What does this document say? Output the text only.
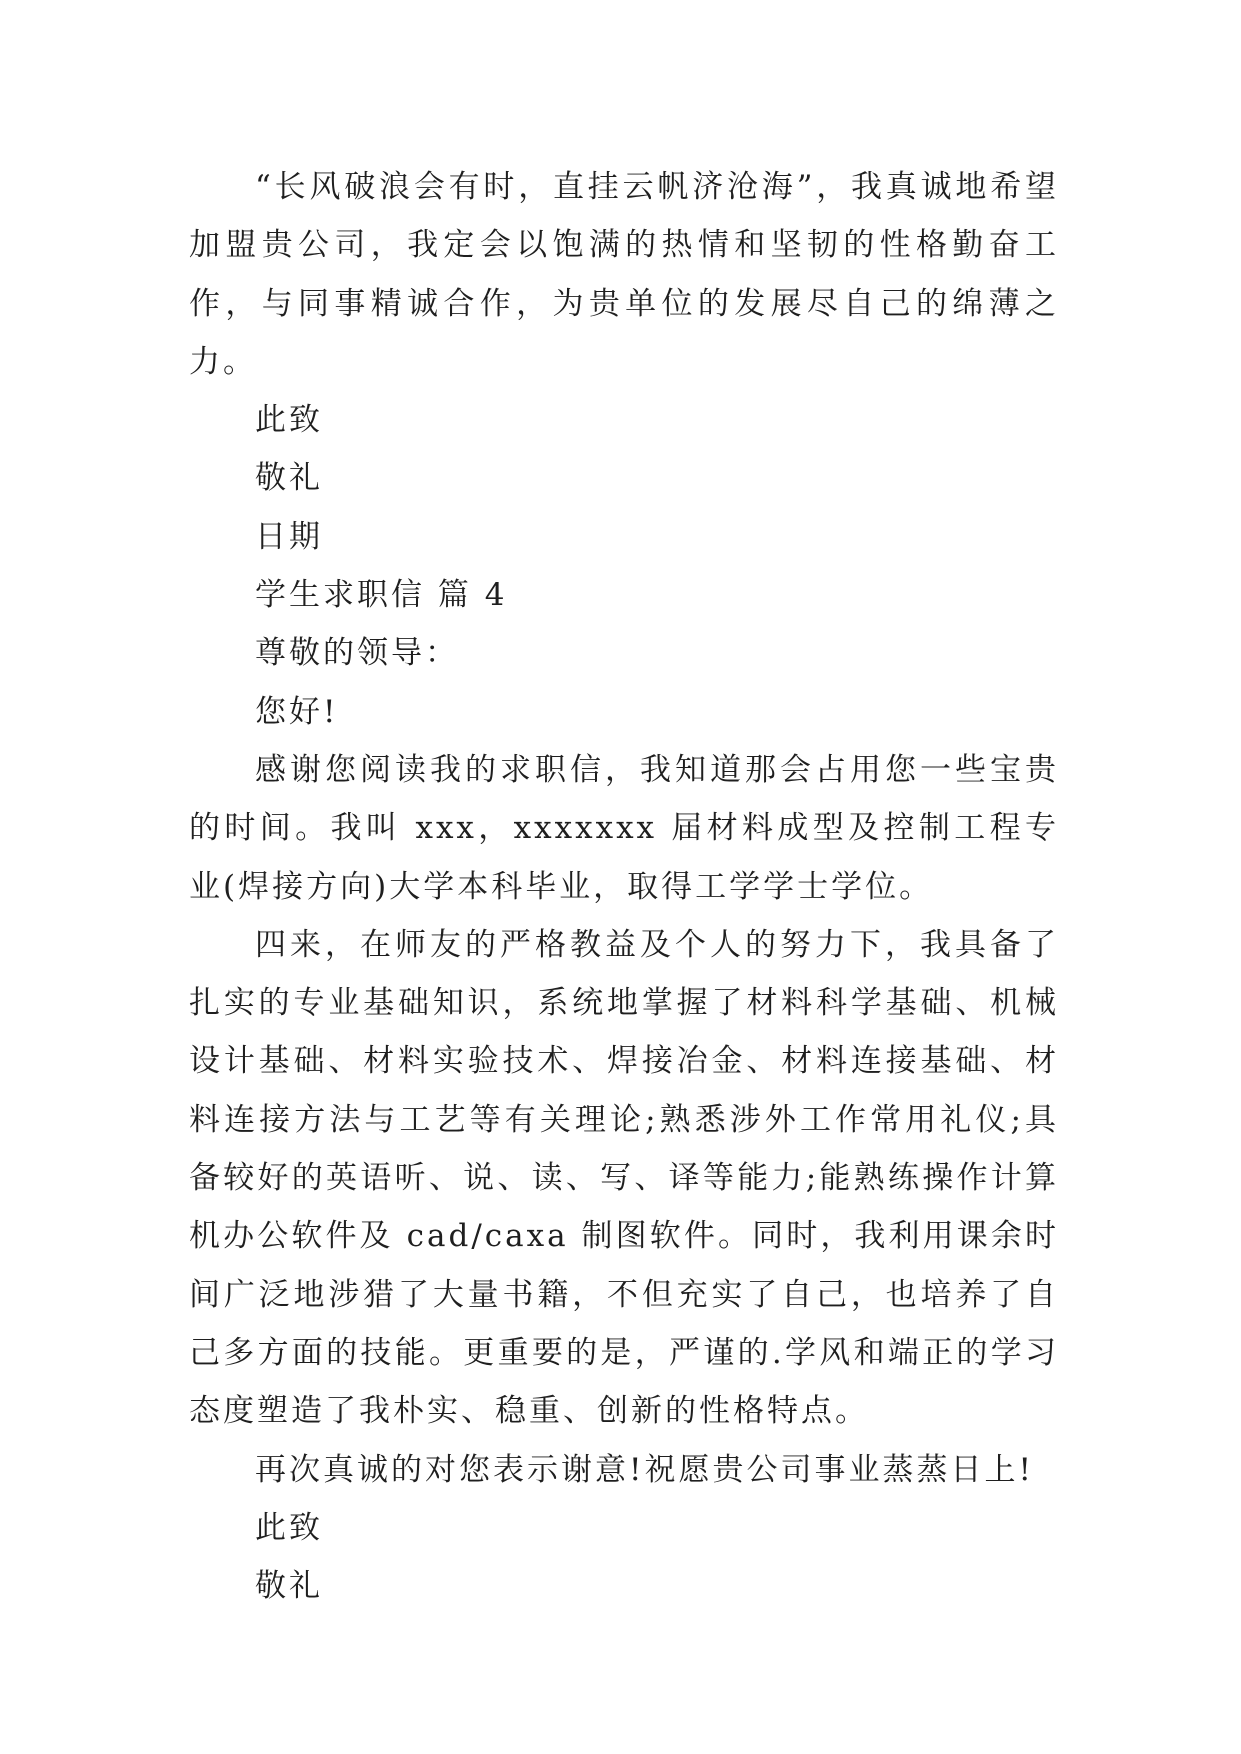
“长风破浪会有时，直挂云帆济沧海”，我真诚地希望加盟贵公司，我定会以饱满的热情和坚韧的性格勤奋工作，与同事精诚合作，为贵单位的发展尽自己的绵薄之力。

此致

敬礼

日期

学生求职信 篇 4

尊敬的领导：

您好!

感谢您阅读我的求职信，我知道那会占用您一些宝贵的时间。我叫 xxx，xxxxxxx 届材料成型及控制工程专业(焊接方向)大学本科毕业，取得工学学士学位。

四来，在师友的严格教益及个人的努力下，我具备了扎实的专业基础知识，系统地掌握了材料科学基础、机械设计基础、材料实验技术、焊接冶金、材料连接基础、材料连接方法与工艺等有关理论;熟悉涉外工作常用礼仪;具备较好的英语听、说、读、写、译等能力;能熟练操作计算机办公软件及 cad/caxa 制图软件。同时，我利用课余时间广泛地涉猎了大量书籍，不但充实了自己，也培养了自己多方面的技能。更重要的是，严谨的.学风和端正的学习态度塑造了我朴实、稳重、创新的性格特点。

再次真诚的对您表示谢意!祝愿贵公司事业蒸蒸日上!

此致

敬礼
